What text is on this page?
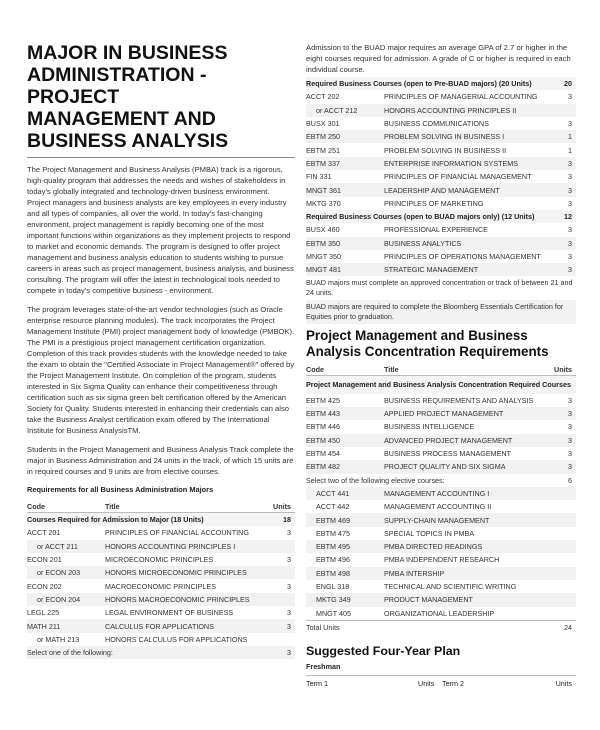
MAJOR IN BUSINESS
ADMINISTRATION - PROJECT
MANAGEMENT AND
BUSINESS ANALYSIS

The Project Management and Business Analysis (PMBA) track is a rigorous, high-quality program that addresses the needs and wishes of stakeholders in today's globally integrated and technology-driven business environment. Project managers and business analysts are key employees in every industry and all types of companies, all over the world. In today's fast-changing environment, project management is rapidly becoming one of the most important functions within organizations as they implement projects to respond to market and economic demands. The program is designed to offer project management and business analysis education to students wishing to pursue careers in areas such as project management, business analysis, and business consulting. The program will offer the latest in technological tools needed to compete in today's competitive business - environment.

The program leverages state-of-the-art vendor technologies (such as Oracle enterprise resource planning modules). The track incorporates the Project Management Institute (PMI) project management body of knowledge (PMBOK). The PMI is a prestigious project management certification organization. Completion of this track provides students with the knowledge needed to take the exam to obtain the "Certified Associate in Project Management®" offered by the Project Management Institute. On completion of the program, students interested in Six Sigma Quality can enhance their competitiveness through certification such as six sigma green belt certification offered by the American Society for Quality. Students interested in enhancing their credentials can also take the Business Analyst certification exam offered by The International Institute for Business AnalysisTM.

Students in the Project Management and Business Analysis Track complete the major in Business Administration and 24 units in the track, of which 15 units are in required courses and 9 units are from elective courses.

Requirements for all Business Administration Majors

Code	Title	Units
Courses Required for Admission to Major (18 Units)		18
ACCT 201	PRINCIPLES OF FINANCIAL ACCOUNTING	3
or ACCT 211	HONORS ACCOUNTING PRINCIPLES I	
ECON 201	MICROECONOMIC PRINCIPLES	3
or ECON 203	HONORS MICROECONOMIC PRINCIPLES	
ECON 202	MACROECONOMIC PRINCIPLES	3
or ECON 204	HONORS MACROECONOMIC PRINCIPLES	
LEGL 225	LEGAL ENVIRONMENT OF BUSINESS	3
MATH 211	CALCULUS FOR APPLICATIONS	3
or MATH 213	HONORS CALCULUS FOR APPLICATIONS	
Select one of the following:		3

Admission to the BUAD major requires an average GPA of 2.7 or higher in the eight courses required for admission. A grade of C or higher is required in each individual course.

Required Business Courses (open to Pre-BUAD majors) (20 Units)		20
ACCT 202	PRINCIPLES OF MANAGERIAL ACCOUNTING	3
or ACCT 212	HONORS ACCOUNTING PRINCIPLES II	
BUSX 301	BUSINESS COMMUNICATIONS	3
EBTM 250	PROBLEM SOLVING IN BUSINESS I	1
EBTM 251	PROBLEM SOLVING IN BUSINESS II	1
EBTM 337	ENTERPRISE INFORMATION SYSTEMS	3
FIN 331	PRINCIPLES OF FINANCIAL MANAGEMENT	3
MNGT 361	LEADERSHIP AND MANAGEMENT	3
MKTG 370	PRINCIPLES OF MARKETING	3
Required Business Courses (open to BUAD majors only) (12 Units)		12
BUSX 460	PROFESSIONAL EXPERIENCE	3
EBTM 350	BUSINESS ANALYTICS	3
MNGT 350	PRINCIPLES OF OPERATIONS MANAGEMENT	3
MNGT 481	STRATEGIC MANAGEMENT	3
BUAD majors must complete an approved concentration or track of between 21 and 24 units.		
BUAD majors are required to complete the Bloomberg Essentials Certification for Equities prior to graduation.		
Project Management and Business Analysis Concentration Requirements
Code	Title	Units
Project Management and Business Analysis Concentration Required Courses		
EBTM 425	BUSINESS REQUIREMENTS AND ANALYSIS	3
EBTM 443	APPLIED PROJECT MANAGEMENT	3
EBTM 446	BUSINESS INTELLIGENCE	3
EBTM 450	ADVANCED PROJECT MANAGEMENT	3
EBTM 454	BUSINESS PROCESS MANAGEMENT	3
EBTM 482	PROJECT QUALITY AND SIX SIGMA	3
Select two of the following elective courses:		6
ACCT 441	MANAGEMENT ACCOUNTING I	
ACCT 442	MANAGEMENT ACCOUNTING II	
EBTM 469	SUPPLY-CHAIN MANAGEMENT	
EBTM 475	SPECIAL TOPICS IN PMBA	
EBTM 495	PMBA DIRECTED READINGS	
EBTM 496	PMBA INDEPENDENT RESEARCH	
EBTM 498	PMBA INTERSHIP	
ENGL 318	TECHNICAL AND SCIENTIFIC WRITING	
MKTG 349	PRODUCT MANAGEMENT	
MNGT 405	ORGANIZATIONAL LEADERSHIP	
Total Units		24
Suggested Four-Year Plan

Freshman

Term 1	Units	Term 2	Units
